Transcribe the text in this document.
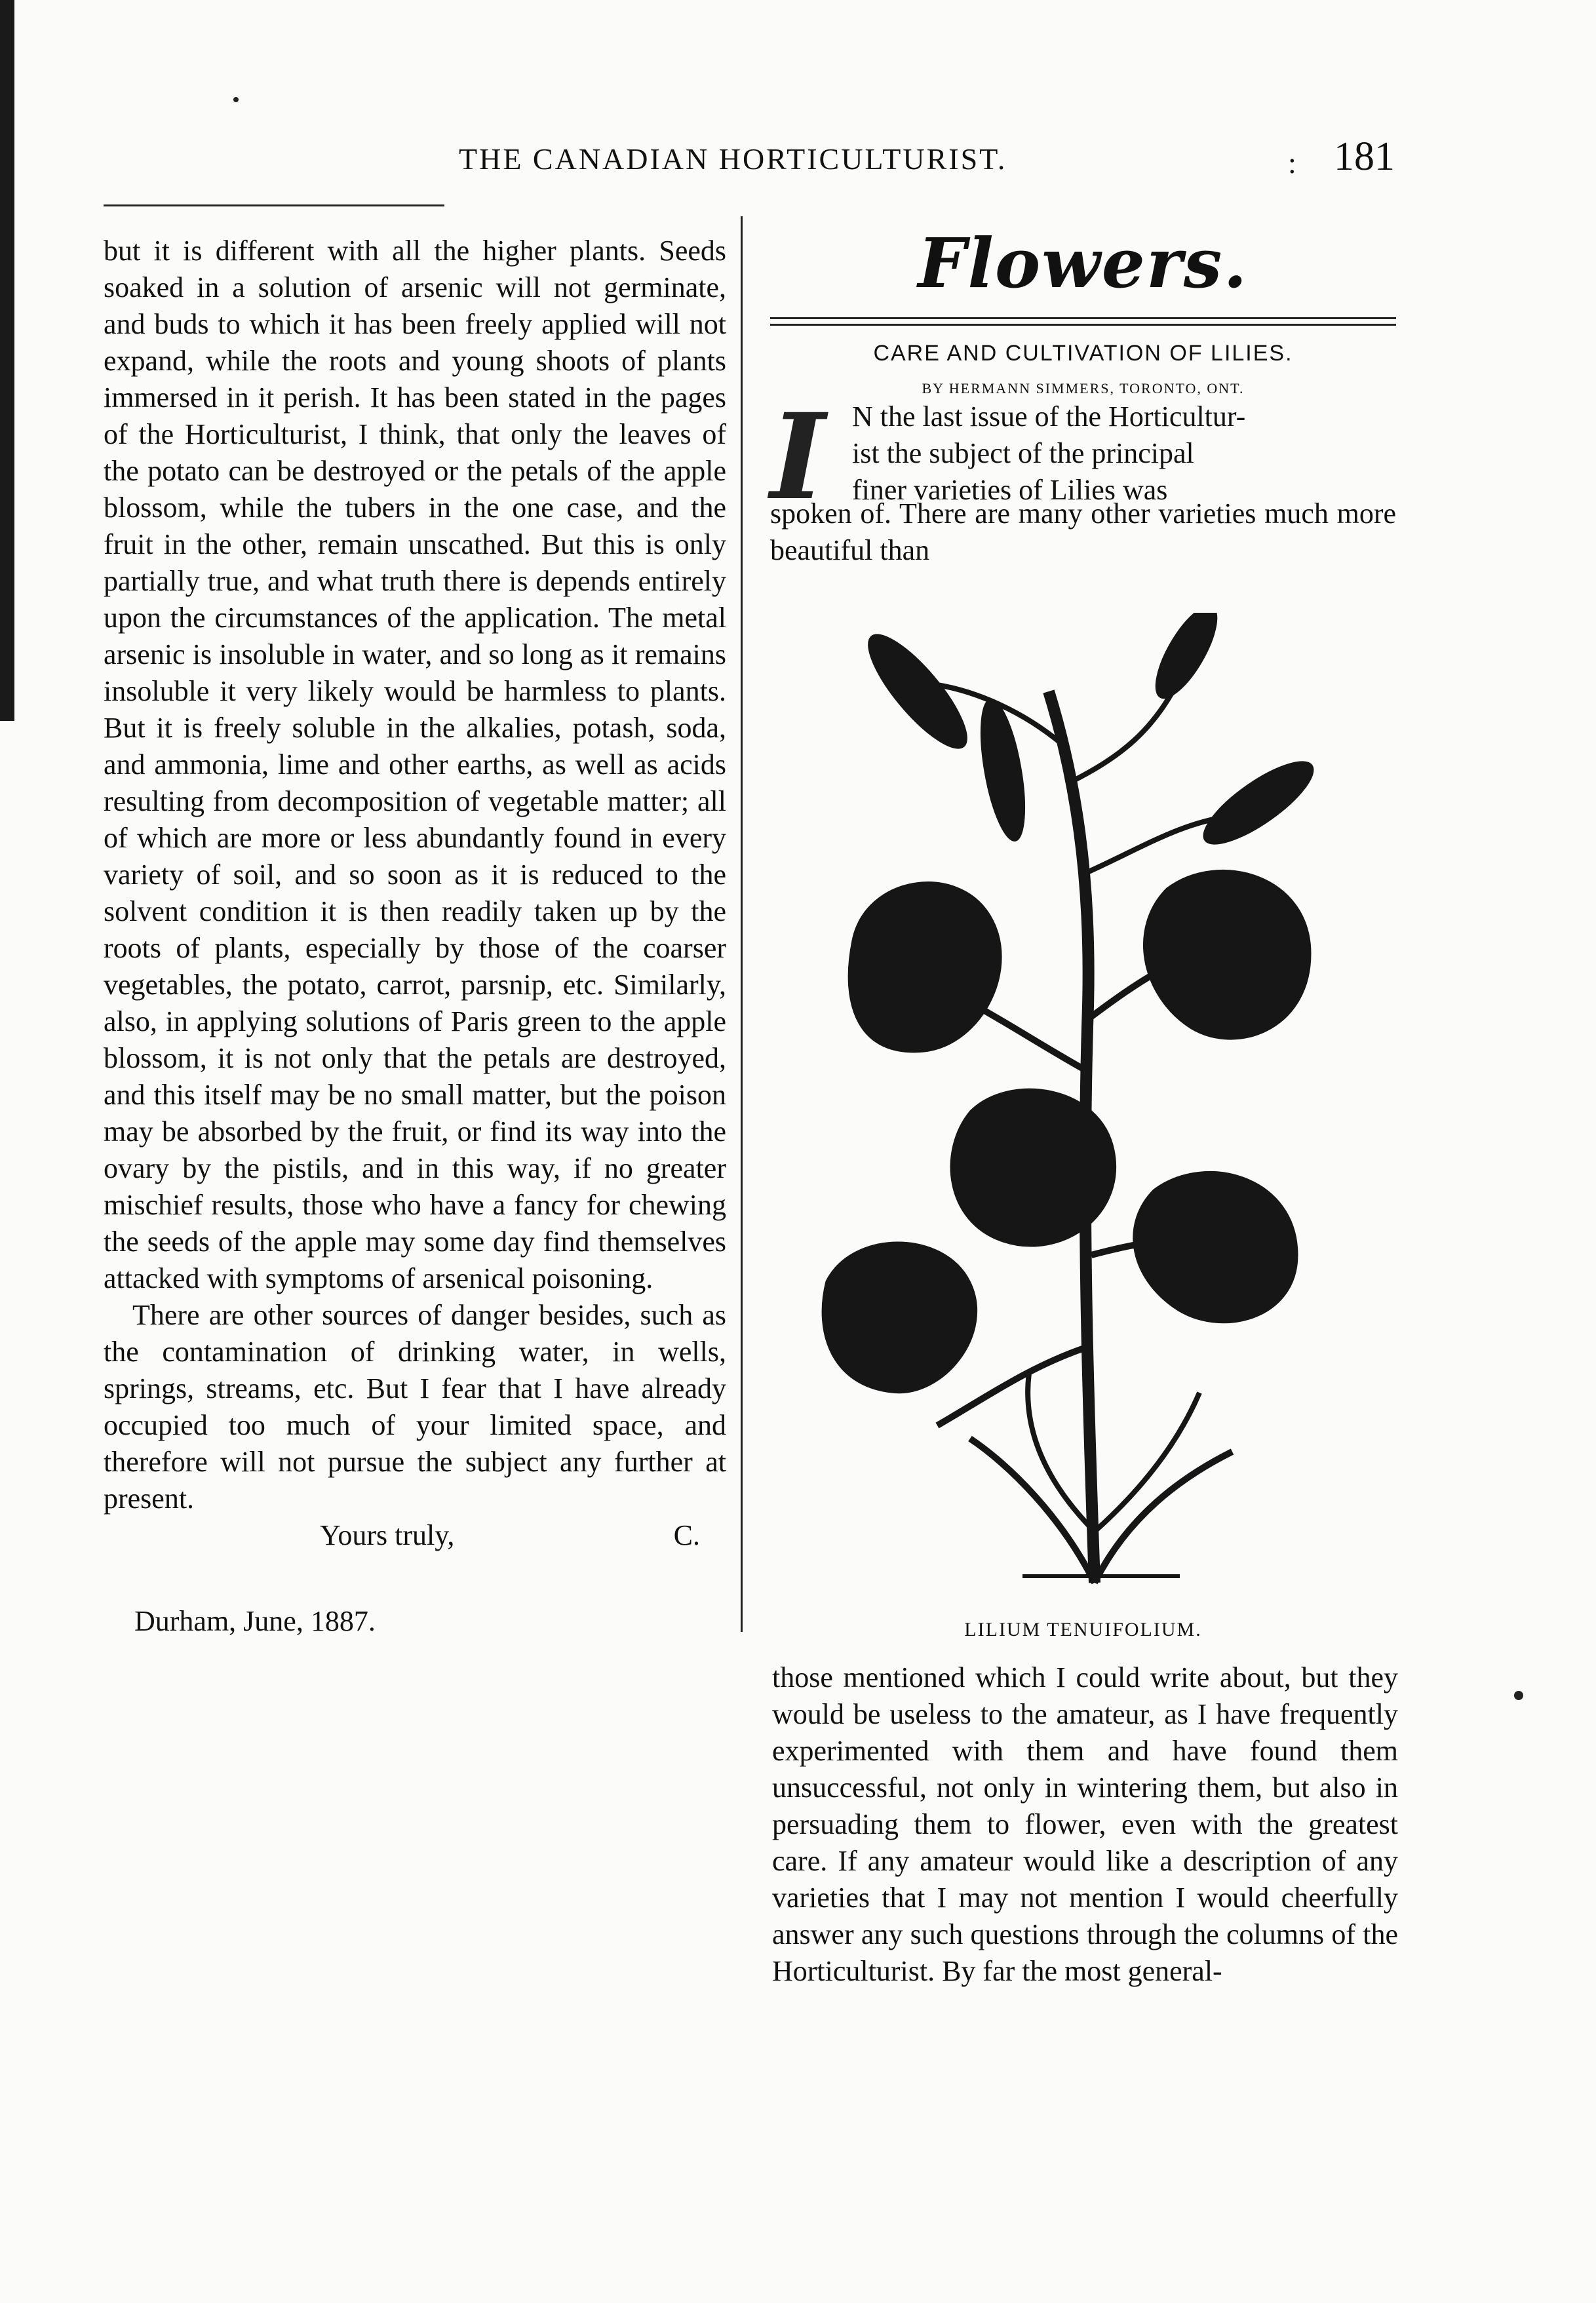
THE CANADIAN HORTICULTURIST.	: 181

but it is different with all the higher plants. Seeds soaked in a solution of arsenic will not germinate, and buds to which it has been freely applied will not expand, while the roots and young shoots of plants immersed in it perish. It has been stated in the pages of the Horticulturist, I think, that only the leaves of the potato can be destroyed or the petals of the apple blossom, while the tubers in the one case, and the fruit in the other, remain unscathed. But this is only partially true, and what truth there is depends entirely upon the circumstances of the application. The metal arsenic is insoluble in water, and so long as it remains insoluble it very likely would be harmless to plants. But it is freely soluble in the alkalies, potash, soda, and ammonia, lime and other earths, as well as acids resulting from decomposition of vegetable matter; all of which are more or less abundantly found in every variety of soil, and so soon as it is reduced to the solvent condition it is then readily taken up by the roots of plants, especially by those of the coarser vegetables, the potato, carrot, parsnip, etc. Similarly, also, in applying solutions of Paris green to the apple blossom, it is not only that the petals are destroyed, and this itself may be no small matter, but the poison may be absorbed by the fruit, or find its way into the ovary by the pistils, and in this way, if no greater mischief results, those who have a fancy for chewing the seeds of the apple may some day find themselves attacked with symptoms of arsenical poisoning.

There are other sources of danger besides, such as the contamination of drinking water, in wells, springs, streams, etc. But I fear that I have already occupied too much of your limited space, and therefore will not pursue the subject any further at present.

Yours truly,	C.

Durham, June, 1887.
Flowers.
CARE AND CULTIVATION OF LILIES.
BY HERMANN SIMMERS, TORONTO, ONT.
I N the last issue of the Horticultur-

ist the subject of the principal

finer varieties of Lilies was

spoken of. There are many other varieties much more beautiful than

LILIUM TENUIFOLIUM.

those mentioned which I could write about, but they would be useless to the amateur, as I have frequently experimented with them and have found them unsuccessful, not only in wintering them, but also in persuading them to flower, even with the greatest care. If any amateur would like a description of any varieties that I may not mention I would cheerfully answer any such questions through the columns of the Horticulturist. By far the most general-
